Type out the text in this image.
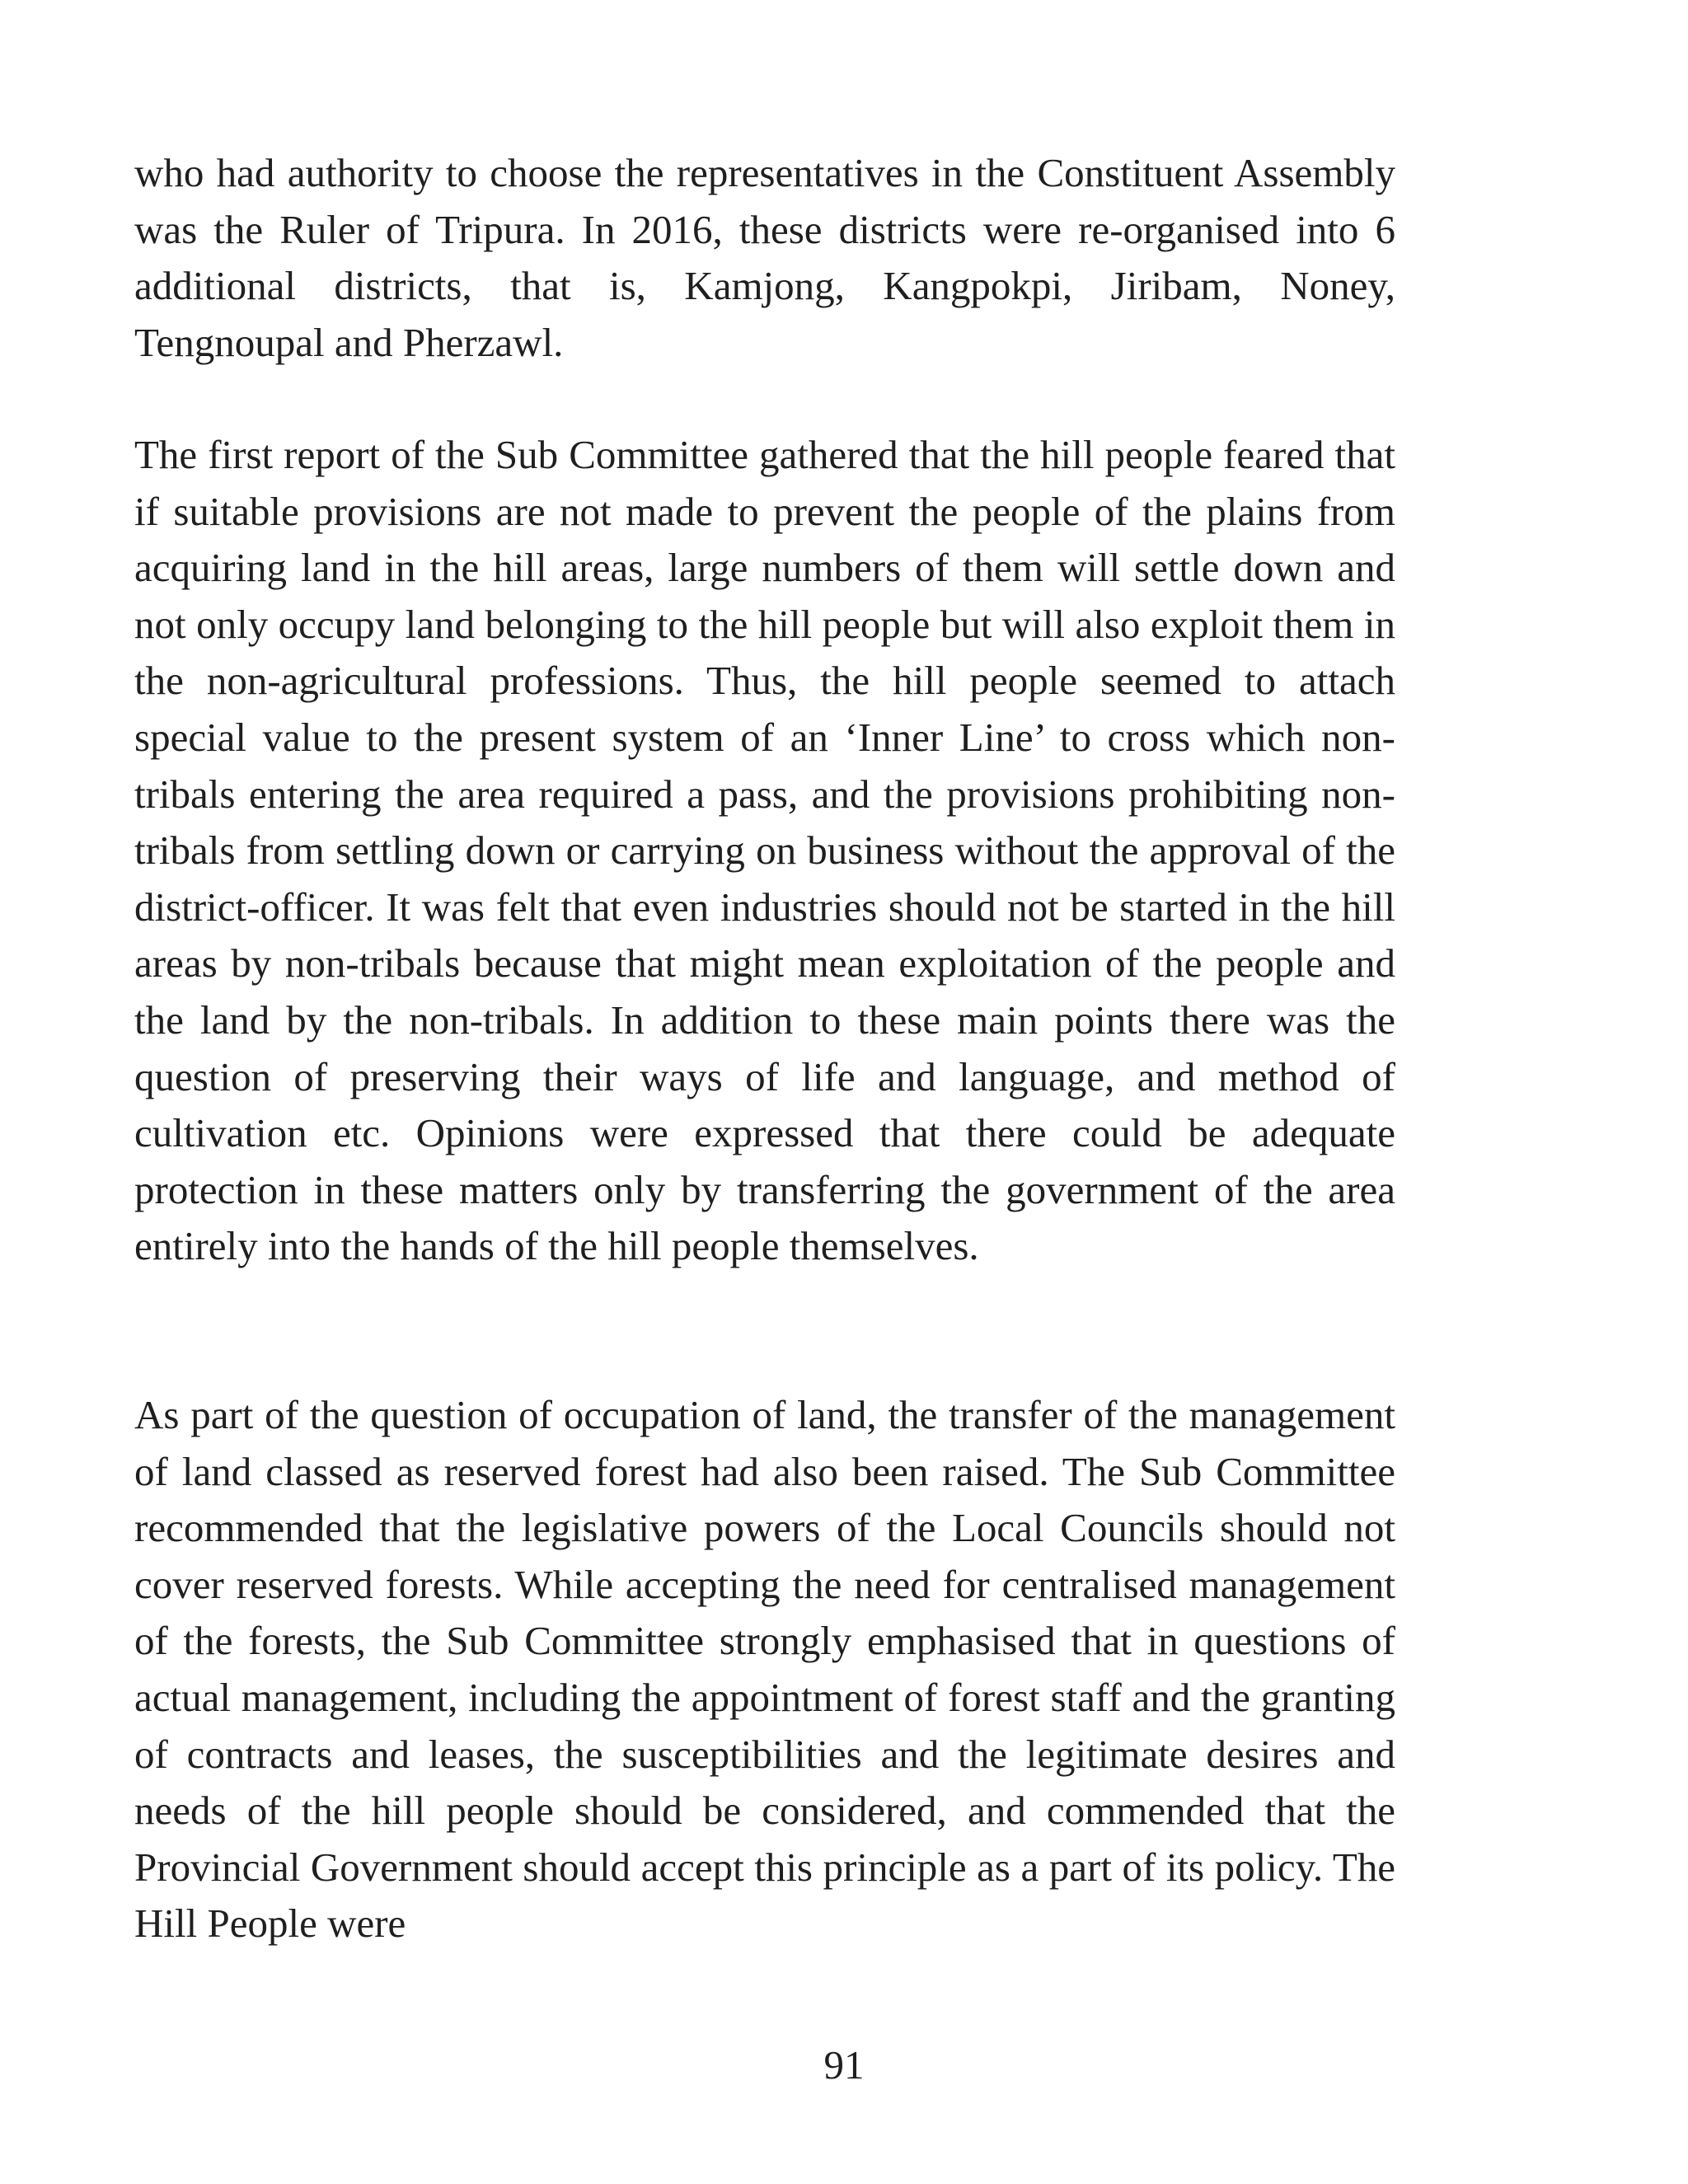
who had authority to choose the representatives in the Constituent Assembly was the Ruler of Tripura. In 2016, these districts were re-organised into 6 additional districts, that is, Kamjong, Kangpokpi, Jiribam, Noney, Tengnoupal and Pherzawl.

The first report of the Sub Committee gathered that the hill people feared that if suitable provisions are not made to prevent the people of the plains from acquiring land in the hill areas, large numbers of them will settle down and not only occupy land belonging to the hill people but will also exploit them in the non-agricultural professions. Thus, the hill people seemed to attach special value to the present system of an ‘Inner Line’ to cross which non-tribals entering the area required a pass, and the provisions prohibiting non-tribals from settling down or carrying on business without the approval of the district-officer. It was felt that even industries should not be started in the hill areas by non-tribals because that might mean exploitation of the people and the land by the non-tribals. In addition to these main points there was the question of preserving their ways of life and language, and method of cultivation etc. Opinions were expressed that there could be adequate protection in these matters only by transferring the government of the area entirely into the hands of the hill people themselves.

As part of the question of occupation of land, the transfer of the management of land classed as reserved forest had also been raised. The Sub Committee recommended that the legislative powers of the Local Councils should not cover reserved forests. While accepting the need for centralised management of the forests, the Sub Committee strongly emphasised that in questions of actual management, including the appointment of forest staff and the granting of contracts and leases, the susceptibilities and the legitimate desires and needs of the hill people should be considered, and commended that the Provincial Government should accept this principle as a part of its policy. The Hill People were

91
